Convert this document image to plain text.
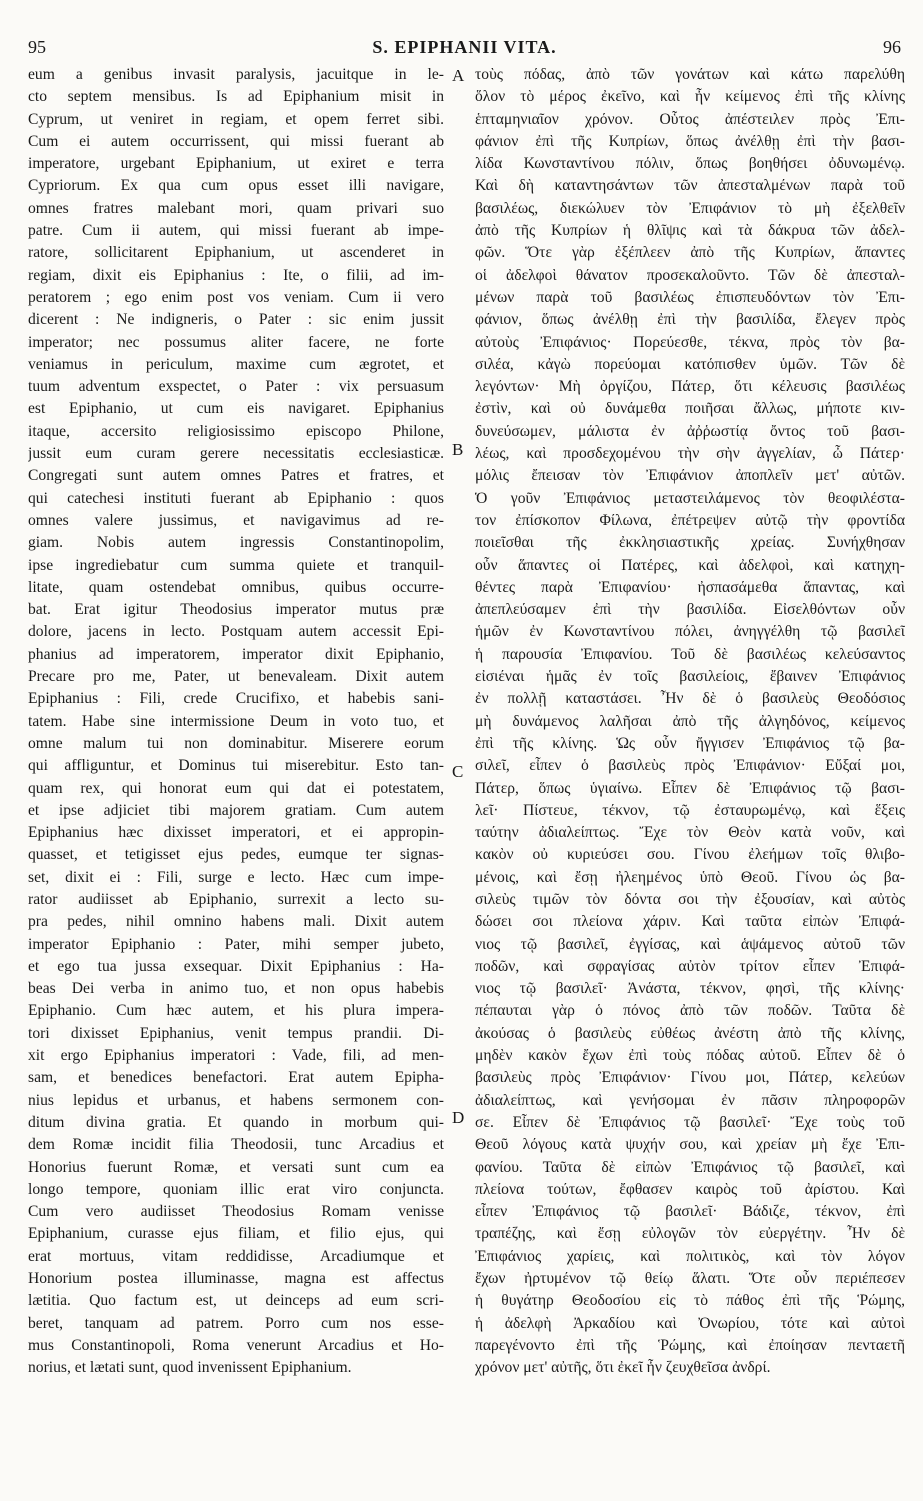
95	S. EPIPHANII VITA.	96

eum a genibus invasit paralysis, jacuitque in le-

cto septem mensibus. Is ad Epiphanium misit in

Cyprum, ut veniret in regiam, et opem ferret sibi.

Cum ei autem occurrissent, qui missi fuerant ab

imperatore, urgebant Epiphanium, ut exiret e terra

Cypriorum. Ex qua cum opus esset illi navigare,

omnes fratres malebant mori, quam privari suo

patre. Cum ii autem, qui missi fuerant ab impe-

ratore, sollicitarent Epiphanium, ut ascenderet in

regiam, dixit eis Epiphanius : Ite, o filii, ad im-

peratorem ; ego enim post vos veniam. Cum ii vero

dicerent : Ne indigneris, o Pater : sic enim jussit

imperator; nec possumus aliter facere, ne forte

veniamus in periculum, maxime cum ægrotet, et

tuum adventum exspectet, o Pater : vix persuasum

est Epiphanio, ut cum eis navigaret. Epiphanius

itaque, accersito religiosissimo episcopo Philone,

jussit eum curam gerere necessitatis ecclesiasticæ.

Congregati sunt autem omnes Patres et fratres, et

qui catechesi instituti fuerant ab Epiphanio : quos

omnes valere jussimus, et navigavimus ad re-

giam. Nobis autem ingressis Constantinopolim,

ipse ingrediebatur cum summa quiete et tranquil-

litate, quam ostendebat omnibus, quibus occurre-

bat. Erat igitur Theodosius imperator mutus præ

dolore, jacens in lecto. Postquam autem accessit Epi-

phanius ad imperatorem, imperator dixit Epiphanio,

Precare pro me, Pater, ut benevaleam. Dixit autem

Epiphanius : Fili, crede Crucifixo, et habebis sani-

tatem. Habe sine intermissione Deum in voto tuo, et

omne malum tui non dominabitur. Miserere eorum

qui affliguntur, et Dominus tui miserebitur. Esto tan-

quam rex, qui honorat eum qui dat ei potestatem,

et ipse adjiciet tibi majorem gratiam. Cum autem

Epiphanius hæc dixisset imperatori, et ei appropin-

quasset, et tetigisset ejus pedes, eumque ter signas-

set, dixit ei : Fili, surge e lecto. Hæc cum impe-

rator audiisset ab Epiphanio, surrexit a lecto su-

pra pedes, nihil omnino habens mali. Dixit autem

imperator Epiphanio : Pater, mihi semper jubeto,

et ego tua jussa exsequar. Dixit Epiphanius : Ha-

beas Dei verba in animo tuo, et non opus habebis

Epiphanio. Cum hæc autem, et his plura impera-

tori dixisset Epiphanius, venit tempus prandii. Di-

xit ergo Epiphanius imperatori : Vade, fili, ad men-

sam, et benedices benefactori. Erat autem Epipha-

nius lepidus et urbanus, et habens sermonem con-

ditum divina gratia. Et quando in morbum qui-

dem Romæ incidit filia Theodosii, tunc Arcadius et

Honorius fuerunt Romæ, et versati sunt cum ea

longo tempore, quoniam illic erat viro conjuncta.

Cum vero audiisset Theodosius Romam venisse

Epiphanium, curasse ejus filiam, et filio ejus, qui

erat mortuus, vitam reddidisse, Arcadiumque et

Honorium postea illuminasse, magna est affectus

lætitia. Quo factum est, ut deinceps ad eum scri-

beret, tanquam ad patrem. Porro cum nos esse-

mus Constantinopoli, Roma venerunt Arcadius et Ho-

norius, et lætati sunt, quod invenissent Epiphanium.

τοὺς πόδας, ἀπὸ τῶν γονάτων καὶ κάτω παρελύθη

ὅλον τὸ μέρος ἐκεῖνο, καὶ ἦν κείμενος ἐπὶ τῆς κλίνης

ἑπταμηνιαῖον χρόνον. Οὗτος ἀπέστειλεν πρὸς Ἐπι-

φάνιον ἐπὶ τῆς Κυπρίων, ὅπως ἀνέλθῃ ἐπὶ τὴν βασι-

λίδα Κωνσταντίνου πόλιν, ὅπως βοηθήσει ὀδυνωμένῳ.

Καὶ δὴ καταντησάντων τῶν ἀπεσταλμένων παρὰ τοῦ

βασιλέως, διεκώλυεν τὸν Ἐπιφάνιον τὸ μὴ ἐξελθεῖν

ἀπὸ τῆς Κυπρίων ἡ θλῖψις καὶ τὰ δάκρυα τῶν ἀδελ-

φῶν. Ὅτε γὰρ ἐξέπλεεν ἀπὸ τῆς Κυπρίων, ἅπαντες

οἱ ἀδελφοὶ θάνατον προσεκαλοῦντο. Τῶν δὲ ἀπεσταλ-

μένων παρὰ τοῦ βασιλέως ἐπισπευδόντων τὸν Ἐπι-

φάνιον, ὅπως ἀνέλθῃ ἐπὶ τὴν βασιλίδα, ἔλεγεν πρὸς

αὐτοὺς Ἐπιφάνιος· Πορεύεσθε, τέκνα, πρὸς τὸν βα-

σιλέα, κἀγὼ πορεύομαι κατόπισθεν ὑμῶν. Τῶν δὲ

λεγόντων· Μὴ ὀργίζου, Πάτερ, ὅτι κέλευσις βασιλέως

ἐστὶν, καὶ οὐ δυνάμεθα ποιῆσαι ἄλλως, μήποτε κιν-

δυνεύσωμεν, μάλιστα ἐν ἀῤῥωστίᾳ ὄντος τοῦ βασι-

λέως, καὶ προσδεχομένου τὴν σὴν ἀγγελίαν, ὦ Πάτερ·

μόλις ἔπεισαν τὸν Ἐπιφάνιον ἀποπλεῖν μετ' αὐτῶν.

Ὁ γοῦν Ἐπιφάνιος μεταστειλάμενος τὸν θεοφιλέστα-

τον ἐπίσκοπον Φίλωνα, ἐπέτρεψεν αὐτῷ τὴν φροντίδα

ποιεῖσθαι τῆς ἐκκλησιαστικῆς χρείας. Συνήχθησαν

οὖν ἅπαντες οἱ Πατέρες, καὶ ἀδελφοὶ, καὶ κατηχη-

θέντες παρὰ Ἐπιφανίου· ἠσπασάμεθα ἅπαντας, καὶ

ἀπεπλεύσαμεν ἐπὶ τὴν βασιλίδα. Εἰσελθόντων οὖν

ἡμῶν ἐν Κωνσταντίνου πόλει, ἀνηγγέλθη τῷ βασιλεῖ

ἡ παρουσία Ἐπιφανίου. Τοῦ δὲ βασιλέως κελεύσαντος

εἰσιέναι ἡμᾶς ἐν τοῖς βασιλείοις, ἔβαινεν Ἐπιφάνιος

ἐν πολλῇ καταστάσει. Ἦν δὲ ὁ βασιλεὺς Θεοδόσιος

μὴ δυνάμενος λαλῆσαι ἀπὸ τῆς ἀλγηδόνος, κείμενος

ἐπὶ τῆς κλίνης. Ὡς οὖν ἤγγισεν Ἐπιφάνιος τῷ βα-

σιλεῖ, εἶπεν ὁ βασιλεὺς πρὸς Ἐπιφάνιον· Εὔξαί μοι,

Πάτερ, ὅπως ὑγιαίνω. Εἶπεν δὲ Ἐπιφάνιος τῷ βασι-

λεῖ· Πίστευε, τέκνον, τῷ ἐσταυρωμένῳ, καὶ ἕξεις

ταύτην ἀδιαλείπτως. Ἔχε τὸν Θεὸν κατὰ νοῦν, καὶ

κακὸν οὐ κυριεύσει σου. Γίνου ἐλεήμων τοῖς θλιβο-

μένοις, καὶ ἔσῃ ἠλεημένος ὑπὸ Θεοῦ. Γίνου ὡς βα-

σιλεὺς τιμῶν τὸν δόντα σοι τὴν ἐξουσίαν, καὶ αὐτὸς

δώσει σοι πλείονα χάριν. Καὶ ταῦτα εἰπὼν Ἐπιφά-

νιος τῷ βασιλεῖ, ἐγγίσας, καὶ ἁψάμενος αὐτοῦ τῶν

ποδῶν, καὶ σφραγίσας αὐτὸν τρίτον εἶπεν Ἐπιφά-

νιος τῷ βασιλεῖ· Ἀνάστα, τέκνον, φησὶ, τῆς κλίνης·

πέπαυται γὰρ ὁ πόνος ἀπὸ τῶν ποδῶν. Ταῦτα δὲ

ἀκούσας ὁ βασιλεὺς εὐθέως ἀνέστη ἀπὸ τῆς κλίνης,

μηδὲν κακὸν ἔχων ἐπὶ τοὺς πόδας αὐτοῦ. Εἶπεν δὲ ὁ

βασιλεὺς πρὸς Ἐπιφάνιον· Γίνου μοι, Πάτερ, κελεύων

ἀδιαλείπτως, καὶ γενήσομαι ἐν πᾶσιν πληροφορῶν

σε. Εἶπεν δὲ Ἐπιφάνιος τῷ βασιλεῖ· Ἔχε τοὺς τοῦ

Θεοῦ λόγους κατὰ ψυχήν σου, καὶ χρείαν μὴ ἔχε Ἐπι-

φανίου. Ταῦτα δὲ εἰπὼν Ἐπιφάνιος τῷ βασιλεῖ, καὶ

πλείονα τούτων, ἔφθασεν καιρὸς τοῦ ἀρίστου. Καὶ

εἶπεν Ἐπιφάνιος τῷ βασιλεῖ· Βάδιζε, τέκνον, ἐπὶ

τραπέζης, καὶ ἔσῃ εὐλογῶν τὸν εὐεργέτην. Ἦν δὲ

Ἐπιφάνιος χαρίεις, καὶ πολιτικὸς, καὶ τὸν λόγον

ἔχων ἠρτυμένον τῷ θείῳ ἅλατι. Ὅτε οὖν περιέπεσεν

ἡ θυγάτηρ Θεοδοσίου εἰς τὸ πάθος ἐπὶ τῆς Ῥώμης,

ἡ ἀδελφὴ Ἀρκαδίου καὶ Ὀνωρίου, τότε καὶ αὐτοὶ

παρεγένοντο ἐπὶ τῆς Ῥώμης, καὶ ἐποίησαν πενταετῆ

χρόνον μετ' αὐτῆς, ὅτι ἐκεῖ ἦν ζευχθεῖσα ἀνδρί.

A
B
C
D
